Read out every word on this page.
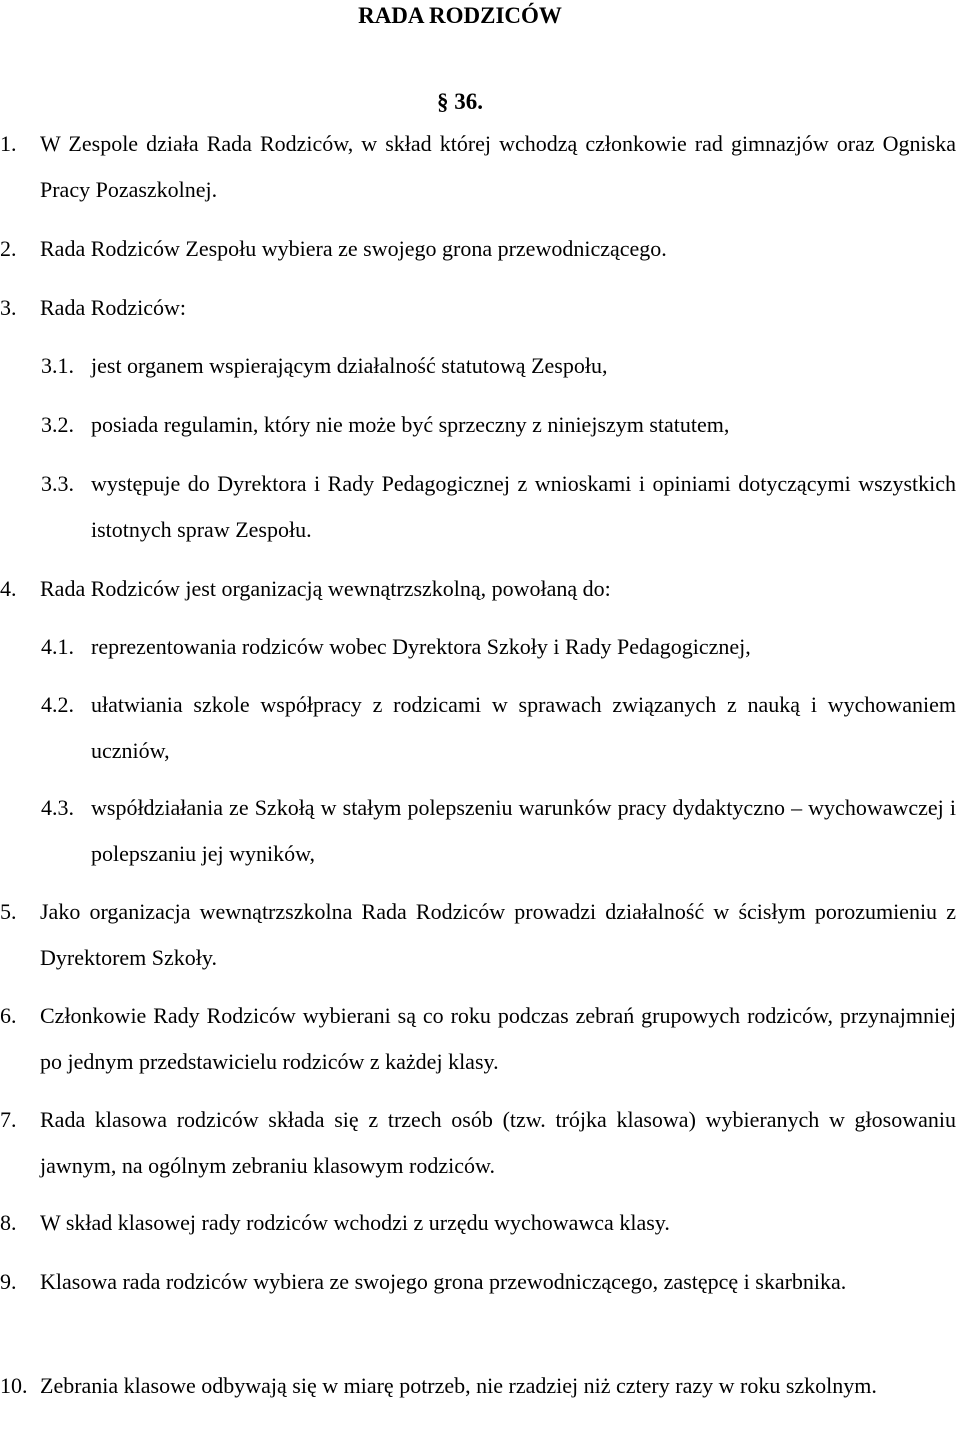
RADA RODZICÓW
§ 36.
1. W Zespole działa Rada Rodziców, w skład której wchodzą członkowie rad gimnazjów oraz Ogniska Pracy Pozaszkolnej.
2. Rada Rodziców Zespołu wybiera ze swojego grona przewodniczącego.
3. Rada Rodziców:
3.1. jest organem wspierającym działalność statutową Zespołu,
3.2. posiada regulamin, który nie może być sprzeczny z niniejszym statutem,
3.3. występuje do Dyrektora i Rady Pedagogicznej z wnioskami i opiniami dotyczącymi wszystkich istotnych spraw Zespołu.
4. Rada Rodziców jest organizacją wewnątrzszkolną, powołaną do:
4.1. reprezentowania rodziców wobec Dyrektora Szkoły i Rady Pedagogicznej,
4.2. ułatwiania szkole współpracy z rodzicami w sprawach związanych z nauką i wychowaniem uczniów,
4.3. współdziałania ze Szkołą w stałym polepszeniu warunków pracy dydaktyczno – wychowawczej i polepszaniu jej wyników,
5. Jako organizacja wewnątrzszkolna Rada Rodziców prowadzi działalność w ścisłym porozumieniu z Dyrektorem Szkoły.
6. Członkowie Rady Rodziców wybierani są co roku podczas zebrań grupowych rodziców, przynajmniej po jednym przedstawicielu rodziców z każdej klasy.
7. Rada klasowa rodziców składa się z trzech osób (tzw. trójka klasowa) wybieranych w głosowaniu jawnym, na ogólnym zebraniu klasowym rodziców.
8. W skład klasowej rady rodziców wchodzi z urzędu wychowawca klasy.
9. Klasowa rada rodziców wybiera ze swojego grona przewodniczącego, zastępcę i skarbnika.
10. Zebrania klasowe odbywają się w miarę potrzeb, nie rzadziej niż cztery razy w roku szkolnym.
